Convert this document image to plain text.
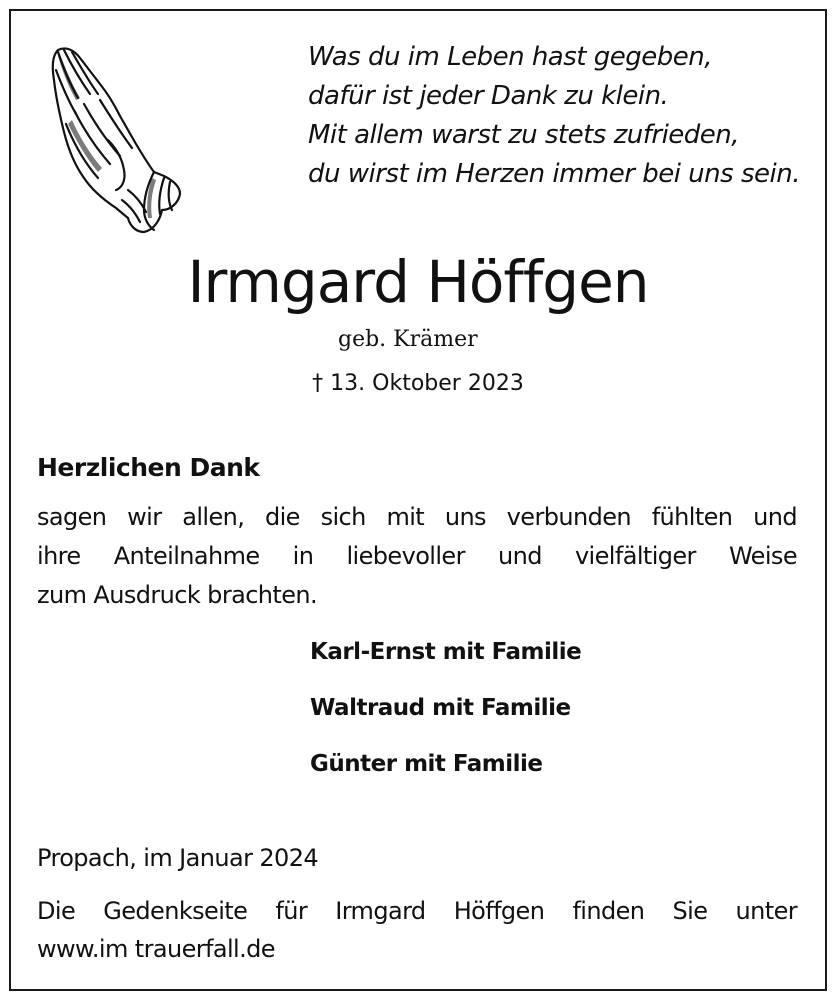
Was du im Leben hast gegeben,
dafür ist jeder Dank zu klein.
Mit allem warst zu stets zufrieden,
du wirst im Herzen immer bei uns sein.
Irmgard Höffgen
geb. Krämer
† 13. Oktober 2023
Herzlichen Dank
sagen wir allen, die sich mit uns verbunden fühlten und
ihre Anteilnahme in liebevoller und vielfältiger Weise
zum Ausdruck brachten.
Karl-Ernst mit Familie
Waltraud mit Familie
Günter mit Familie
Propach, im Januar 2024
Die Gedenkseite für Irmgard Höffgen finden Sie unter
www.im trauerfall.de
